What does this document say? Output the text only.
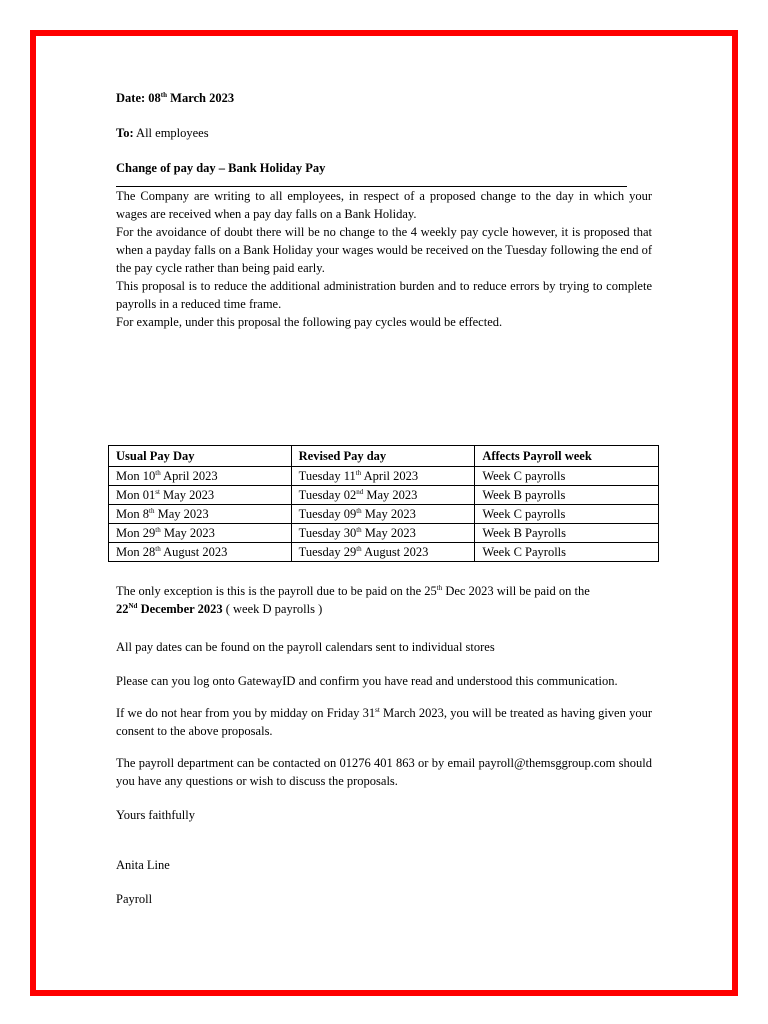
Date: 08th March 2023

To: All employees

Change of pay day – Bank Holiday Pay

The Company are writing to all employees, in respect of a proposed change to the day in which your wages are received when a pay day falls on a Bank Holiday.

For the avoidance of doubt there will be no change to the 4 weekly pay cycle however, it is proposed that when a payday falls on a Bank Holiday your wages would be received on the Tuesday following the end of the pay cycle rather than being paid early.

This proposal is to reduce the additional administration burden and to reduce errors by trying to complete payrolls in a reduced time frame.

For example, under this proposal the following pay cycles would be effected.

Usual Pay Day	Revised Pay day	Affects Payroll week
Mon 10th April 2023	Tuesday 11th April 2023	Week C payrolls
Mon 01st May 2023	Tuesday 02nd May 2023	Week B payrolls
Mon 8th May 2023	Tuesday 09th May 2023	Week C payrolls
Mon 29th May 2023	Tuesday 30th May 2023	Week B Payrolls
Mon 28th August 2023	Tuesday 29th August 2023	Week C Payrolls

The only exception is this is the payroll due to be paid on the 25th Dec 2023 will be paid on the
22Nd December 2023 ( week D payrolls )

All pay dates can be found on the payroll calendars sent to individual stores

Please can you log onto GatewayID and confirm you have read and understood this communication.

If we do not hear from you by midday on Friday 31st March 2023, you will be treated as having given your consent to the above proposals.

The payroll department can be contacted on 01276 401 863 or by email payroll@themsggroup.com should you have any questions or wish to discuss the proposals.

Yours faithfully

Anita Line

Payroll
